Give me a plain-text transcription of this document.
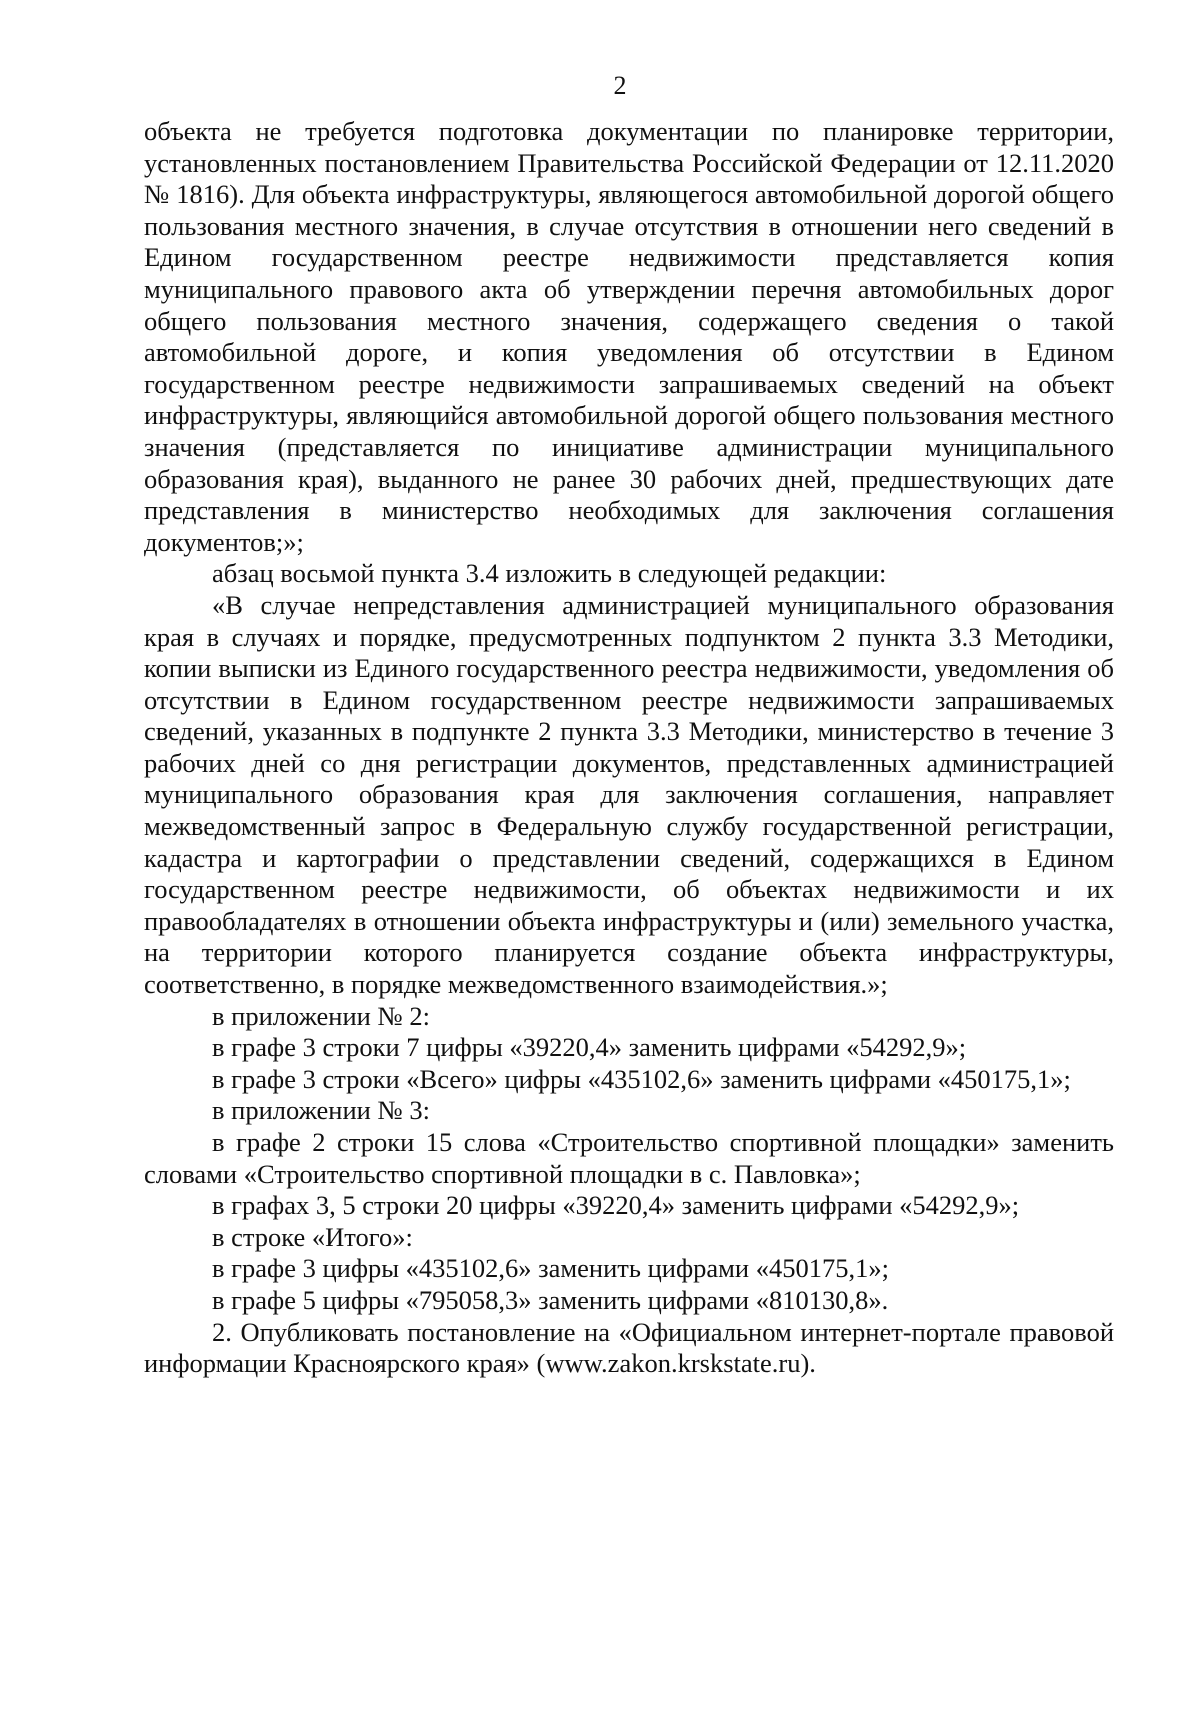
2

объекта не требуется подготовка документации по планировке территории, установленных постановлением Правительства Российской Федерации от 12.11.2020 № 1816). Для объекта инфраструктуры, являющегося автомобильной дорогой общего пользования местного значения, в случае отсутствия в отношении него сведений в Едином государственном реестре недвижимости представляется копия муниципального правового акта об утверждении перечня автомобильных дорог общего пользования местного значения, содержащего сведения о такой автомобильной дороге, и копия уведомления об отсутствии в Едином государственном реестре недвижимости запрашиваемых сведений на объект инфраструктуры, являющийся автомобильной дорогой общего пользования местного значения (представляется по инициативе администрации муниципального образования края), выданного не ранее 30 рабочих дней, предшествующих дате представления в министерство необходимых для заключения соглашения документов;»;

абзац восьмой пункта 3.4 изложить в следующей редакции:

«В случае непредставления администрацией муниципального образования края в случаях и порядке, предусмотренных подпунктом 2 пункта 3.3 Методики, копии выписки из Единого государственного реестра недвижимости, уведомления об отсутствии в Едином государственном реестре недвижимости запрашиваемых сведений, указанных в подпункте 2 пункта 3.3 Методики, министерство в течение 3 рабочих дней со дня регистрации документов, представленных администрацией муниципального образования края для заключения соглашения, направляет межведомственный запрос в Федеральную службу государственной регистрации, кадастра и картографии о представлении сведений, содержащихся в Едином государственном реестре недвижимости, об объектах недвижимости и их правообладателях в отношении объекта инфраструктуры и (или) земельного участка, на территории которого планируется создание объекта инфраструктуры, соответственно, в порядке межведомственного взаимодействия.»;

в приложении № 2:

в графе 3 строки 7 цифры «39220,4» заменить цифрами «54292,9»;

в графе 3 строки «Всего» цифры «435102,6» заменить цифрами «450175,1»;

в приложении № 3:

в графе 2 строки 15 слова «Строительство спортивной площадки» заменить словами «Строительство спортивной площадки в с. Павловка»;

в графах 3, 5 строки 20 цифры «39220,4» заменить цифрами «54292,9»;

в строке «Итого»:

в графе 3 цифры «435102,6» заменить цифрами «450175,1»;

в графе 5 цифры «795058,3» заменить цифрами «810130,8».

2. Опубликовать постановление на «Официальном интернет-портале правовой информации Красноярского края» (www.zakon.krskstate.ru).
